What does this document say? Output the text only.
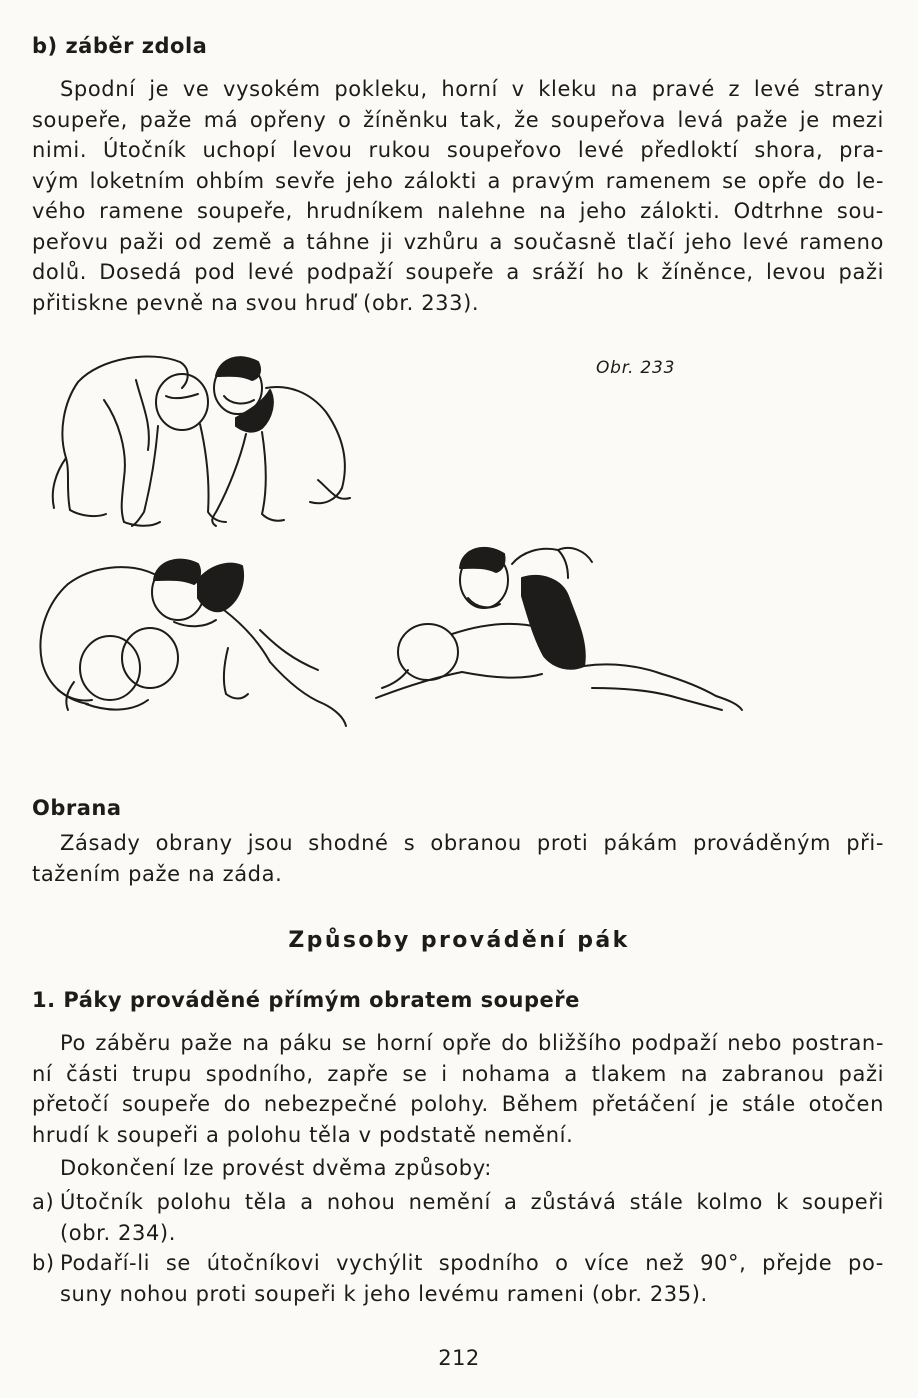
b) záběr zdola
Spodní je ve vysokém pokleku, horní v kleku na pravé z levé strany
soupeře, paže má opřeny o žíněnku tak, že soupeřova levá paže je mezi
nimi. Útočník uchopí levou rukou soupeřovo levé předloktí shora, pra-
vým loketním ohbím sevře jeho zálokti a pravým ramenem se opře do le-
vého ramene soupeře, hrudníkem nalehne na jeho zálokti. Odtrhne sou-
peřovu paži od země a táhne ji vzhůru a současně tlačí jeho levé rameno
dolů. Dosedá pod levé podpaží soupeře a sráží ho k žíněnce, levou paži
přitiskne pevně na svou hruď (obr. 233).
Obr. 233
Obrana
Zásady obrany jsou shodné s obranou proti pákám prováděným při-
tažením paže na záda.
Způsoby provádění pák
1. Páky prováděné přímým obratem soupeře
Po záběru paže na páku se horní opře do bližšího podpaží nebo postran-
ní části trupu spodního, zapře se i nohama a tlakem na zabranou paži
přetočí soupeře do nebezpečné polohy. Během přetáčení je stále otočen
hrudí k soupeři a polohu těla v podstatě nemění.
Dokončení lze provést dvěma způsoby:
a) Útočník polohu těla a nohou nemění a zůstává stále kolmo k soupeři
(obr. 234).
b) Podaří-li se útočníkovi vychýlit spodního o více než 90°, přejde po-
suny nohou proti soupeři k jeho levému rameni (obr. 235).
212
